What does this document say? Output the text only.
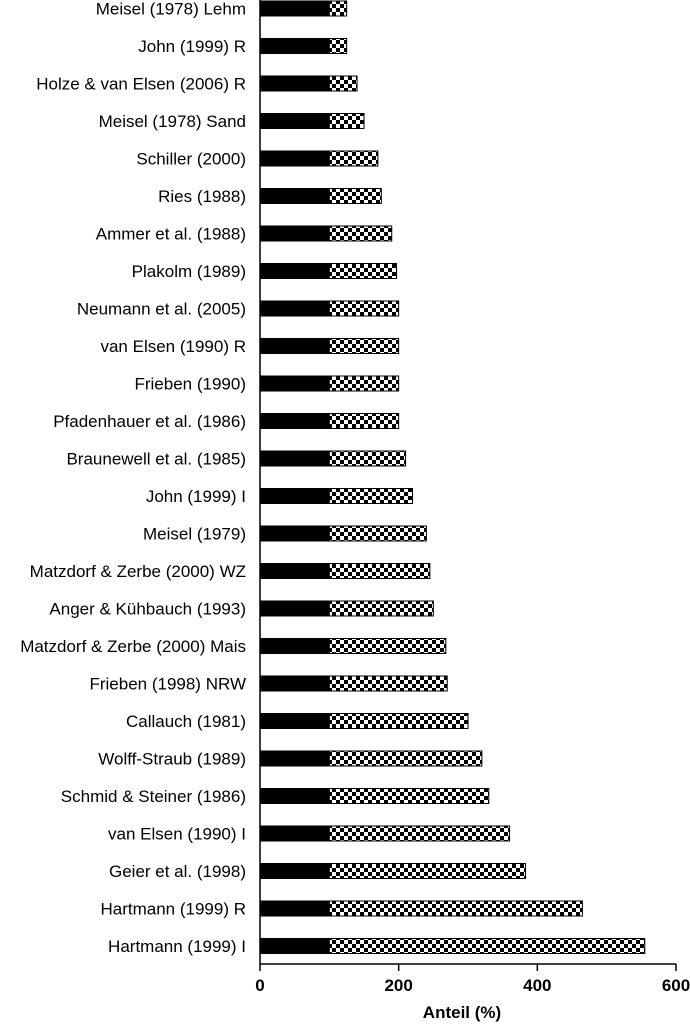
Meisel (1978) Lehm
John (1999) R
Holze & van Elsen (2006) R
Meisel (1978) Sand
Schiller (2000)
Ries (1988)
Ammer et al. (1988)
Plakolm (1989)
Neumann et al. (2005)
van Elsen (1990) R
Frieben (1990)
Pfadenhauer et al. (1986)
Braunewell et al. (1985)
John (1999) I
Meisel (1979)
Matzdorf & Zerbe (2000) WZ
Anger & Kühbauch (1993)
Matzdorf & Zerbe (2000) Mais
Frieben (1998) NRW
Callauch (1981)
Wolff-Straub (1989)
Schmid & Steiner (1986)
van Elsen (1990) I
Geier et al. (1998)
Hartmann (1999) R
Hartmann (1999) I
Anteil (%)
0	200	400	600
